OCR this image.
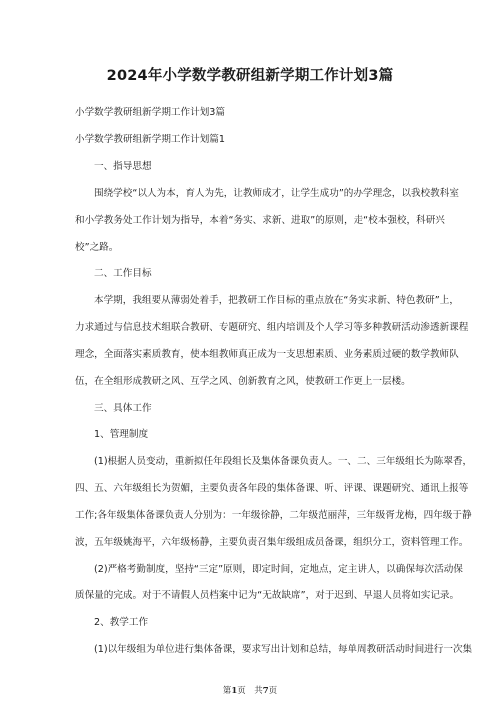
2024年小学数学教研组新学期工作计划3篇
小学数学教研组新学期工作计划3篇
小学数学教研组新学期工作计划篇1
一、指导思想
围绕学校“以人为本，育人为先，让教师成才，让学生成功”的办学理念，以我校教科室
和小学教务处工作计划为指导，本着“务实、求新、进取”的原则，走“校本强校，科研兴
校”之路。
二、工作目标
本学期，我组要从薄弱处着手，把教研工作目标的重点放在“务实求新、特色教研”上，
力求通过与信息技术组联合教研、专题研究、组内培训及个人学习等多种教研活动渗透新课程
理念，全面落实素质教育，使本组教师真正成为一支思想素质、业务素质过硬的数学教师队
伍，在全组形成教研之风、互学之风、创新教育之风，使教研工作更上一层楼。
三、具体工作
1、管理制度
(1)根据人员变动，重新拟任年段组长及集体备课负责人。一、二、三年级组长为陈翠香，
四、五、六年级组长为贺媚，主要负责各年段的集体备课、听、评课、课题研究、通讯上报等
工作;各年级集体备课负责人分别为：一年级徐静，二年级范丽萍，三年级胥龙梅，四年级于静
波，五年级姚海平，六年级杨静，主要负责召集年级组成员备课，组织分工，资料管理工作。
(2)严格考勤制度，坚持“三定”原则，即定时间，定地点，定主讲人，以确保每次活动保
质保量的完成。对于不请假人员档案中记为“无故缺席”，对于迟到、早退人员将如实记录。
2、教学工作
(1)以年级组为单位进行集体备课，要求写出计划和总结，每单周教研活动时间进行一次集
第1页　共7页
